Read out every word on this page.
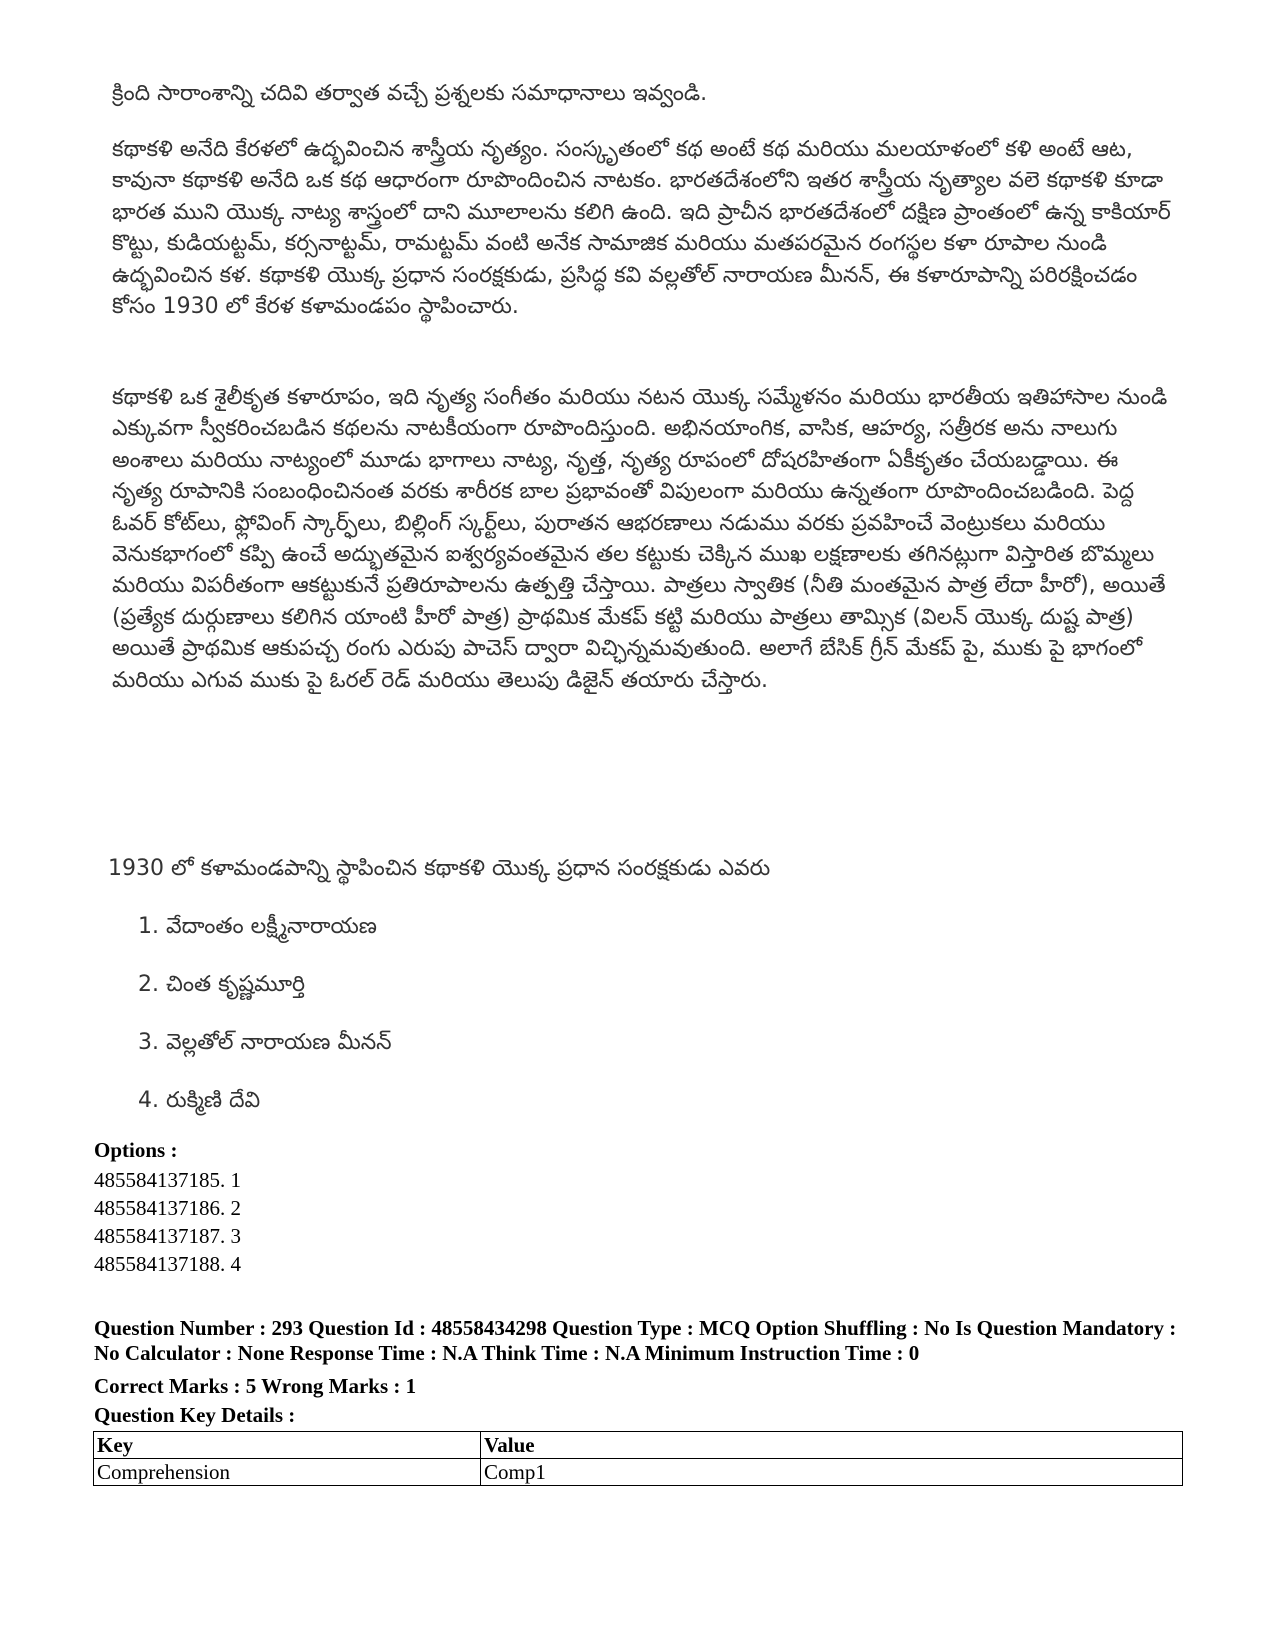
క్రింది సారాంశాన్ని చదివి తర్వాత వచ్చే ప్రశ్నలకు సమాధానాలు ఇవ్వండి.

కథాకళి అనేది కేరళలో ఉద్భవించిన శాస్త్రీయ నృత్యం. సంస్కృతంలో కథ అంటే కథ మరియు మలయాళంలో కళి అంటే ఆట, కావునా కథాకళి అనేది ఒక కథ ఆధారంగా రూపొందించిన నాటకం. భారతదేశంలోని ఇతర శాస్త్రీయ నృత్యాల వలె కథాకళి కూడా భారత ముని యొక్క నాట్య శాస్త్రంలో దాని మూలాలను కలిగి ఉంది. ఇది ప్రాచీన భారతదేశంలో దక్షిణ ప్రాంతంలో ఉన్న కాకియార్ కొట్టు, కుడియట్టమ్, కర్సనాట్టమ్, రామట్టమ్ వంటి అనేక సామాజిక మరియు మతపరమైన రంగస్థల కళా రూపాల నుండి ఉద్భవించిన కళ. కథాకళి యొక్క ప్రధాన సంరక్షకుడు, ప్రసిద్ధ కవి వల్లతోల్ నారాయణ మీనన్, ఈ కళారూపాన్ని పరిరక్షించడం కోసం 1930 లో కేరళ కళామండపం స్థాపించారు.

కథాకళి ఒక శైలీకృత కళారూపం, ఇది నృత్య సంగీతం మరియు నటన యొక్క సమ్మేళనం మరియు భారతీయ ఇతిహాసాల నుండి ఎక్కువగా స్వీకరించబడిన కథలను నాటకీయంగా రూపొందిస్తుంది. అభినయాంగిక, వాసిక, ఆహర్య, సత్రీరక అను నాలుగు అంశాలు మరియు నాట్యంలో మూడు భాగాలు నాట్య, నృత్త, నృత్య రూపంలో దోషరహితంగా ఏకీకృతం చేయబడ్డాయి. ఈ నృత్య రూపానికి సంబంధించినంత వరకు శారీరక బాల ప్రభావంతో విపులంగా మరియు ఉన్నతంగా రూపొందించబడింది. పెద్ద ఓవర్ కోట్‌లు, ఫ్లోవింగ్ స్కార్ఫ్‌లు, బిల్లింగ్ స్కర్ట్‌లు, పురాతన ఆభరణాలు నడుము వరకు ప్రవహించే వెంట్రుకలు మరియు వెనుకభాగంలో కప్పి ఉంచే అద్భుతమైన ఐశ్వర్యవంతమైన తల కట్టుకు చెక్కిన ముఖ లక్షణాలకు తగినట్లుగా విస్తారిత బొమ్మలు మరియు విపరీతంగా ఆకట్టుకునే ప్రతిరూపాలను ఉత్పత్తి చేస్తాయి. పాత్రలు స్వాతిక (నీతి మంతమైన పాత్ర లేదా హీరో), అయితే (ప్రత్యేక దుర్గుణాలు కలిగిన యాంటి హీరో పాత్ర) ప్రాథమిక మేకప్ కట్టి మరియు పాత్రలు తామ్సిక (విలన్ యొక్క దుష్ట పాత్ర) అయితే ప్రాథమిక ఆకుపచ్చ రంగు ఎరుపు పాచెస్ ద్వారా విచ్ఛిన్నమవుతుంది. అలాగే బేసిక్ గ్రీన్ మేకప్ పై, ముకు పై భాగంలో మరియు ఎగువ ముకు పై ఓరల్ రెడ్ మరియు తెలుపు డిజైన్ తయారు చేస్తారు.

1930 లో కళామండపాన్ని స్థాపించిన కథాకళి యొక్క ప్రధాన సంరక్షకుడు ఎవరు
1. వేదాంతం లక్ష్మీనారాయణ
2. చింత కృష్ణమూర్తి
3. వెల్లతోల్ నారాయణ మీనన్
4. రుక్మిణి దేవి
Options :
485584137185. 1
485584137186. 2
485584137187. 3
485584137188. 4
Question Number : 293 Question Id : 48558434298 Question Type : MCQ Option Shuffling : No Is Question Mandatory : No Calculator : None Response Time : N.A Think Time : N.A Minimum Instruction Time : 0
Correct Marks : 5 Wrong Marks : 1
Question Key Details :
Key	Value
Comprehension	Comp1
